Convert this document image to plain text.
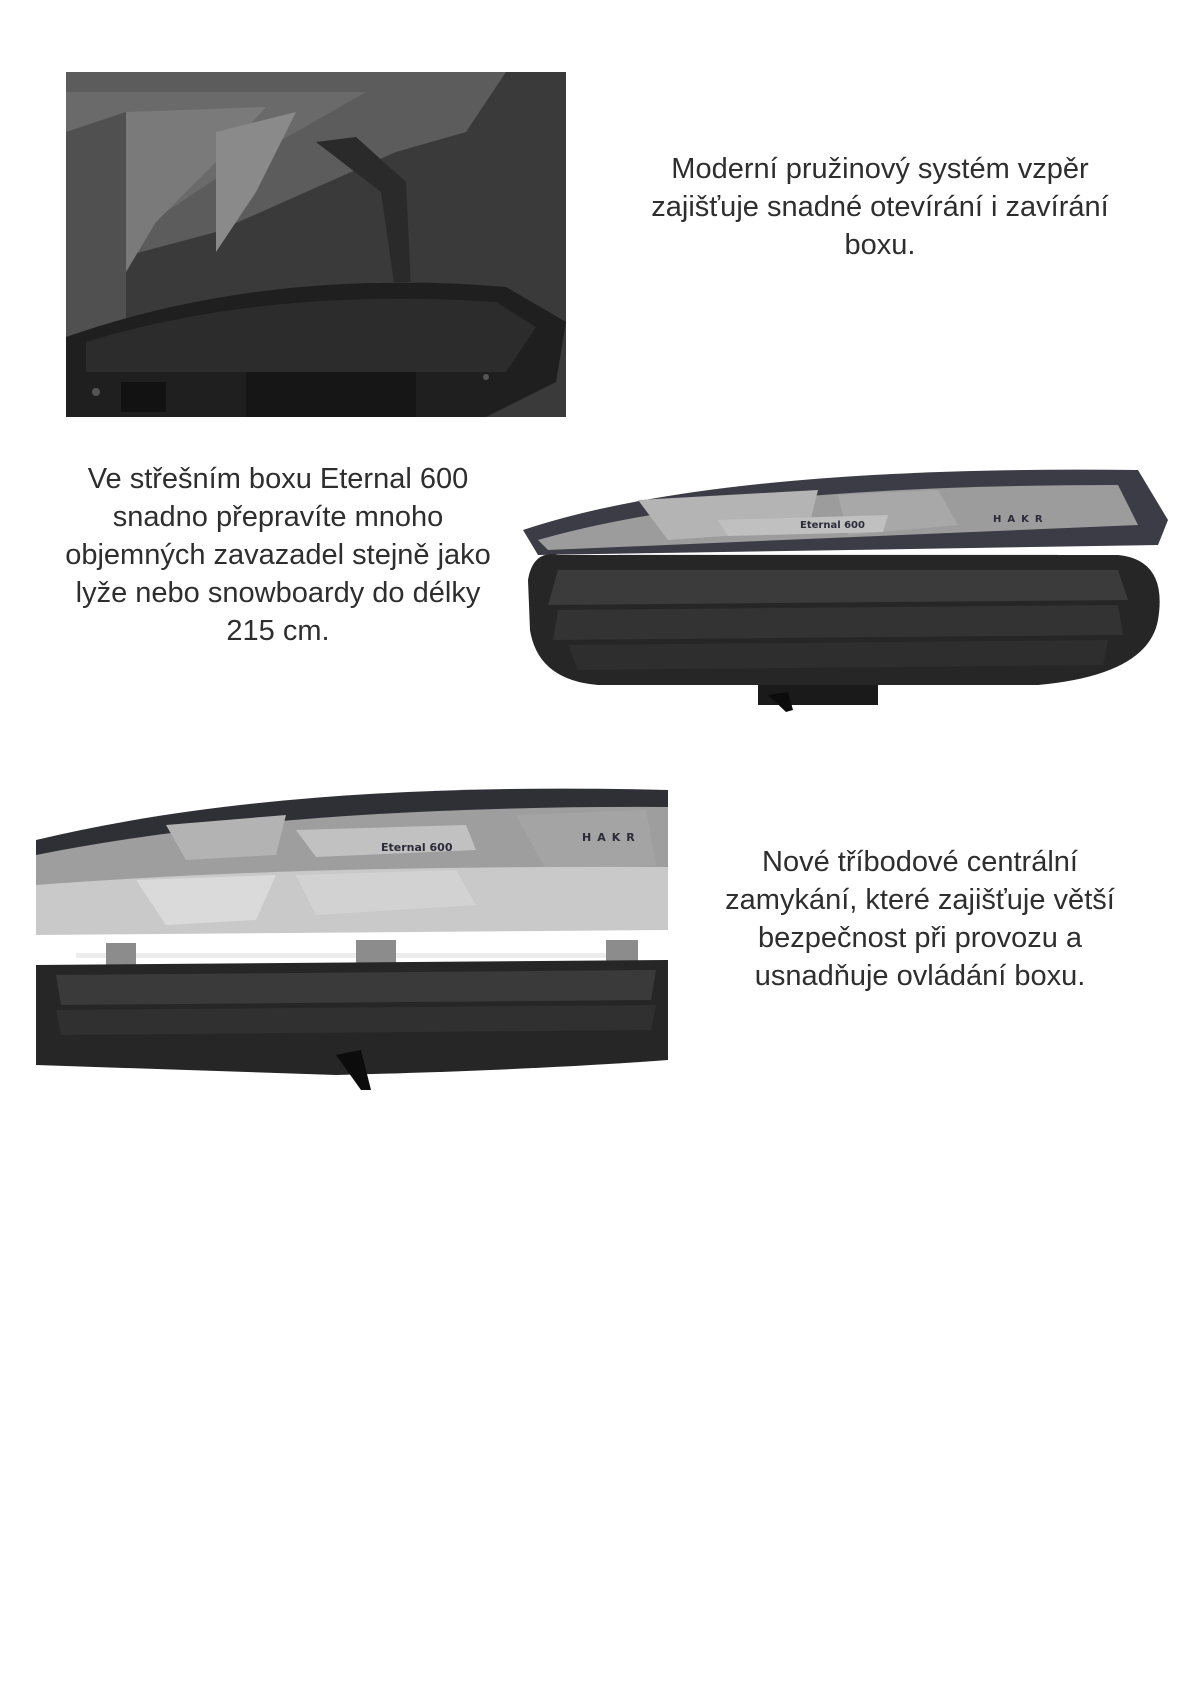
Moderní pružinový systém vzpěr
zajišťuje snadné otevírání i zavírání
boxu.
Ve střešním boxu Eternal 600
snadno přepravíte mnoho
objemných zavazadel stejně jako
lyže nebo snowboardy do délky
215 cm.
Eternal 600
HAKR
Eternal 600
HAKR
Nové tříbodové centrální
zamykání, které zajišťuje větší
bezpečnost při provozu a
usnadňuje ovládání boxu.
